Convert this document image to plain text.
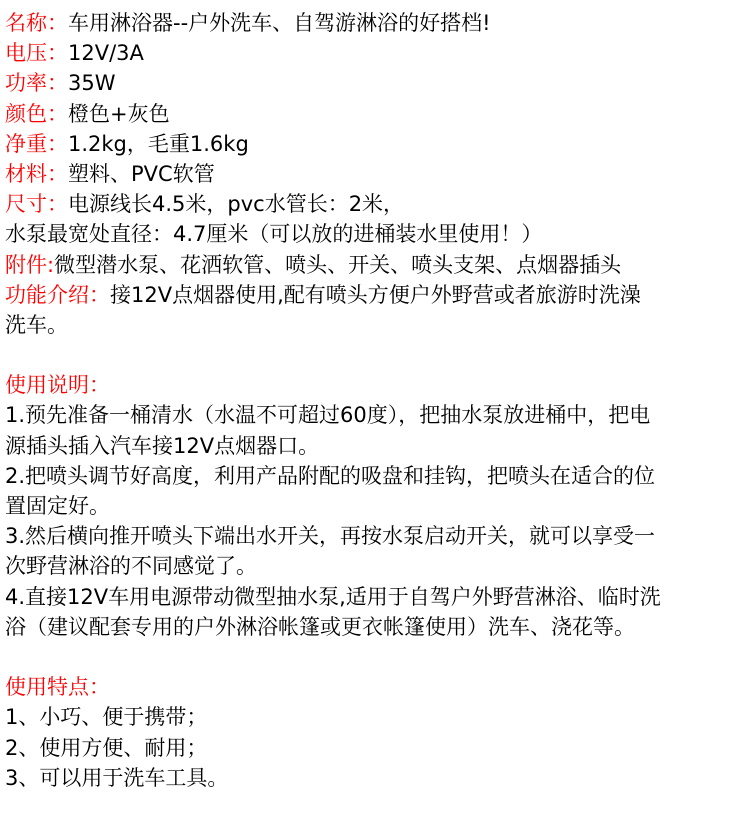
名称：车用淋浴器--户外洗车、自驾游淋浴的好搭档!
电压：12V/3A
功率：35W
颜色：橙色+灰色
净重：1.2kg，毛重1.6kg
材料：塑料、PVC软管
尺寸：电源线长4.5米，pvc水管长：2米，
水泵最宽处直径：4.7厘米（可以放的进桶装水里使用！）
附件:微型潜水泵、花洒软管、喷头、开关、喷头支架、点烟器插头
功能介绍：接12V点烟器使用,配有喷头方便户外野营或者旅游时洗澡
洗车。
使用说明：
1.预先准备一桶清水（水温不可超过60度），把抽水泵放进桶中，把电
源插头插入汽车接12V点烟器口。
2.把喷头调节好高度，利用产品附配的吸盘和挂钩，把喷头在适合的位
置固定好。
3.然后横向推开喷头下端出水开关，再按水泵启动开关，就可以享受一
次野营淋浴的不同感觉了。
4.直接12V车用电源带动微型抽水泵,适用于自驾户外野营淋浴、临时洗
浴（建议配套专用的户外淋浴帐篷或更衣帐篷使用）洗车、浇花等。
使用特点：
1、小巧、便于携带；
2、使用方便、耐用；
3、可以用于洗车工具。
